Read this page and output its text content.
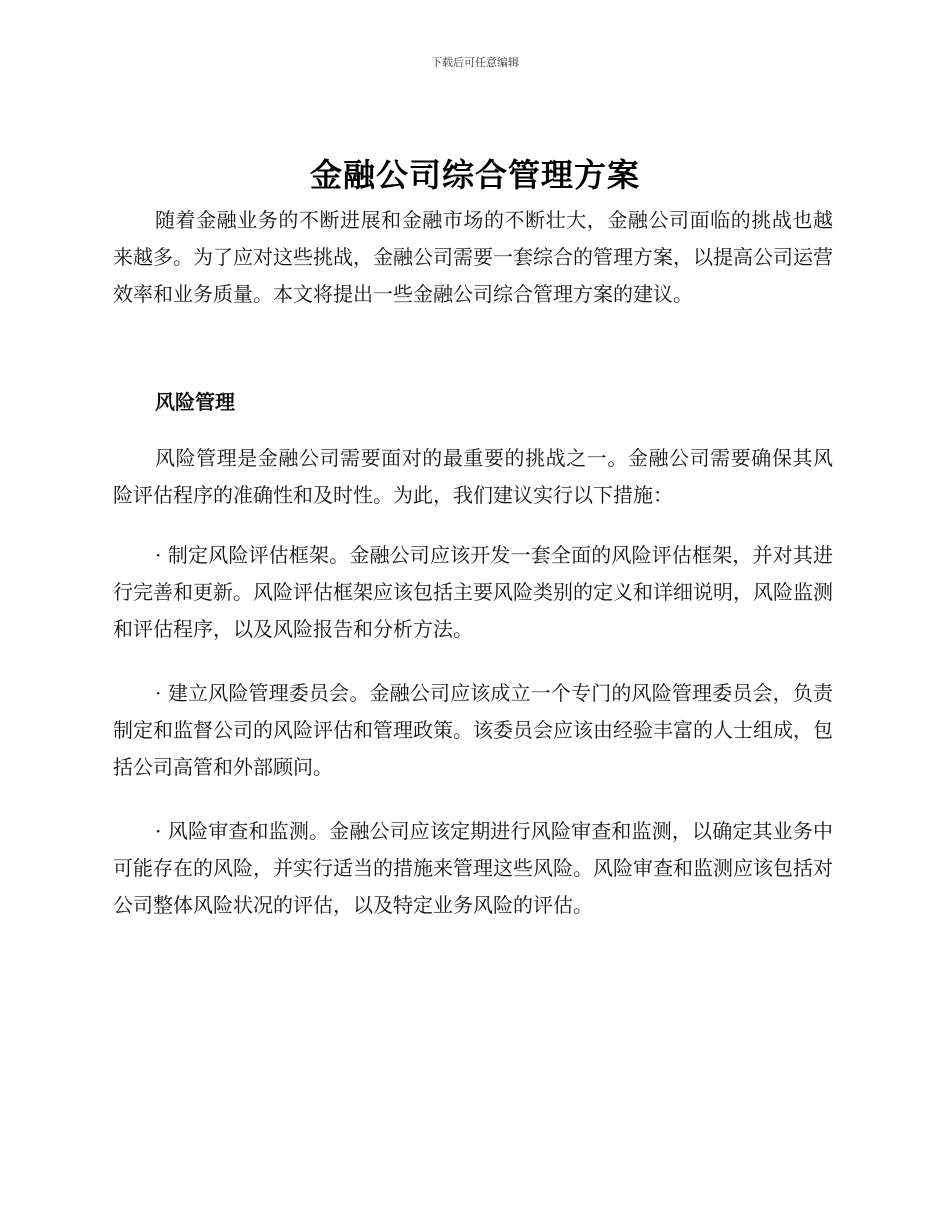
下载后可任意编辑
金融公司综合管理方案

随着金融业务的不断进展和金融市场的不断壮大，金融公司面临的挑战也越来越多。为了应对这些挑战，金融公司需要一套综合的管理方案，以提高公司运营效率和业务质量。本文将提出一些金融公司综合管理方案的建议。

风险管理

风险管理是金融公司需要面对的最重要的挑战之一。金融公司需要确保其风险评估程序的准确性和及时性。为此，我们建议实行以下措施：

· 制定风险评估框架。金融公司应该开发一套全面的风险评估框架，并对其进行完善和更新。风险评估框架应该包括主要风险类别的定义和详细说明，风险监测和评估程序，以及风险报告和分析方法。

· 建立风险管理委员会。金融公司应该成立一个专门的风险管理委员会，负责制定和监督公司的风险评估和管理政策。该委员会应该由经验丰富的人士组成，包括公司高管和外部顾问。

· 风险审查和监测。金融公司应该定期进行风险审查和监测，以确定其业务中可能存在的风险，并实行适当的措施来管理这些风险。风险审查和监测应该包括对公司整体风险状况的评估，以及特定业务风险的评估。
